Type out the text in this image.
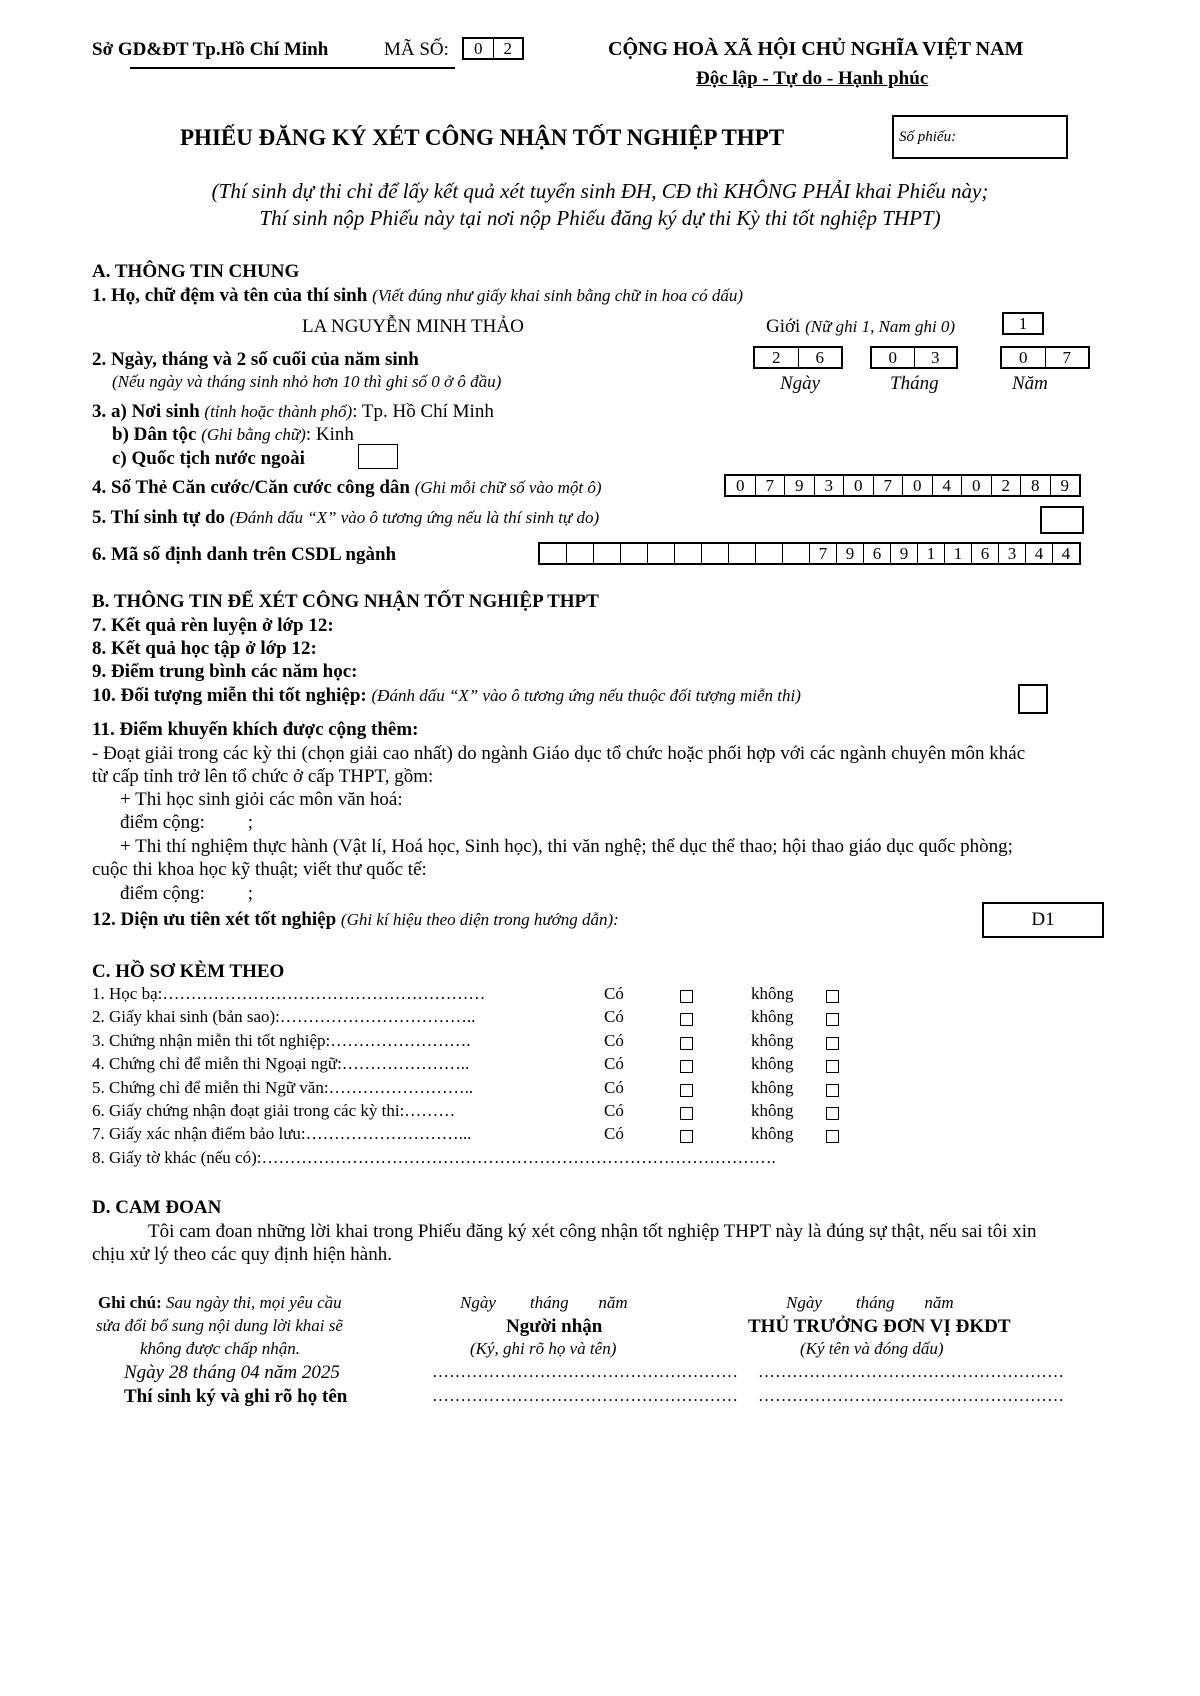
Sở GD&ĐT Tp.Hồ Chí Minh	MÃ SỐ:	0	2	CỘNG HOÀ XÃ HỘI CHỦ NGHĨA VIỆT NAM
Độc lập - Tự do - Hạnh phúc
PHIẾU ĐĂNG KÝ XÉT CÔNG NHẬN TỐT NGHIỆP THPT	Số phiếu:
(Thí sinh dự thi chỉ để lấy kết quả xét tuyển sinh ĐH, CĐ thì KHÔNG PHẢI khai Phiếu này;
Thí sinh nộp Phiếu này tại nơi nộp Phiếu đăng ký dự thi Kỳ thi tốt nghiệp THPT)
A. THÔNG TIN CHUNG
1. Họ, chữ đệm và tên của thí sinh (Viết đúng như giấy khai sinh bằng chữ in hoa có dấu)
LA NGUYỄN MINH THẢO	Giới (Nữ ghi 1, Nam ghi 0)	1
2. Ngày, tháng và 2 số cuối của năm sinh
(Nếu ngày và tháng sinh nhỏ hơn 10 thì ghi số 0 ở ô đầu)
2	6	0	3	0	7
Ngày	Tháng	Năm
3. a) Nơi sinh (tỉnh hoặc thành phố): Tp. Hồ Chí Minh
b) Dân tộc (Ghi bằng chữ): Kinh
c) Quốc tịch nước ngoài
4. Số Thẻ Căn cước/Căn cước công dân (Ghi mỗi chữ số vào một ô)	0	7	9	3	0	7	0	4	0	2	8	9
5. Thí sinh tự do (Đánh dấu “X” vào ô tương ứng nếu là thí sinh tự do)
6. Mã số định danh trên CSDL ngành	7	9	6	9	1	1	6	3	4	4
B. THÔNG TIN ĐỂ XÉT CÔNG NHẬN TỐT NGHIỆP THPT
7. Kết quả rèn luyện ở lớp 12:
8. Kết quả học tập ở lớp 12:
9. Điểm trung bình các năm học:
10. Đối tượng miễn thi tốt nghiệp: (Đánh dấu “X” vào ô tương ứng nếu thuộc đối tượng miễn thi)
11. Điểm khuyến khích được cộng thêm:
- Đoạt giải trong các kỳ thi (chọn giải cao nhất) do ngành Giáo dục tổ chức hoặc phối hợp với các ngành chuyên môn khác
từ cấp tỉnh trở lên tổ chức ở cấp THPT, gồm:
+ Thi học sinh giỏi các môn văn hoá:
điểm cộng:         ;
+ Thi thí nghiệm thực hành (Vật lí, Hoá học, Sinh học), thi văn nghệ; thể dục thể thao; hội thao giáo dục quốc phòng;
cuộc thi khoa học kỹ thuật; viết thư quốc tế:
điểm cộng:         ;
12. Diện ưu tiên xét tốt nghiệp (Ghi kí hiệu theo diện trong hướng dẫn):	D1
C. HỒ SƠ KÈM THEO
1. Học bạ:…………………………………………………	Có	không
2. Giấy khai sinh (bản sao):……………………………..	Có	không
3. Chứng nhận miễn thi tốt nghiệp:…………………….	Có	không
4. Chứng chỉ để miễn thi Ngoại ngữ:…………………..	Có	không
5. Chứng chỉ để miễn thi Ngữ văn:……………………..	Có	không
6. Giấy chứng nhận đoạt giải trong các kỳ thi:………	Có	không
7. Giấy xác nhận điểm bảo lưu:………………………...	Có	không
8. Giấy tờ khác (nếu có):……………………………………………………………………………….
D. CAM ĐOAN
Tôi cam đoan những lời khai trong Phiếu đăng ký xét công nhận tốt nghiệp THPT này là đúng sự thật, nếu sai tôi xin
chịu xử lý theo các quy định hiện hành.
Ghi chú: Sau ngày thi, mọi yêu cầu
sửa đổi bổ sung nội dung lời khai sẽ
không được chấp nhận.
Ngày 28 tháng 04 năm 2025
Thí sinh ký và ghi rõ họ tên
Ngày        tháng       năm
Người nhận
(Ký, ghi rõ họ và tên)
………………………………………………
………………………………………………
Ngày        tháng       năm
THỦ TRƯỞNG ĐƠN VỊ ĐKDT
(Ký tên và đóng dấu)
………………………………………………
………………………………………………
